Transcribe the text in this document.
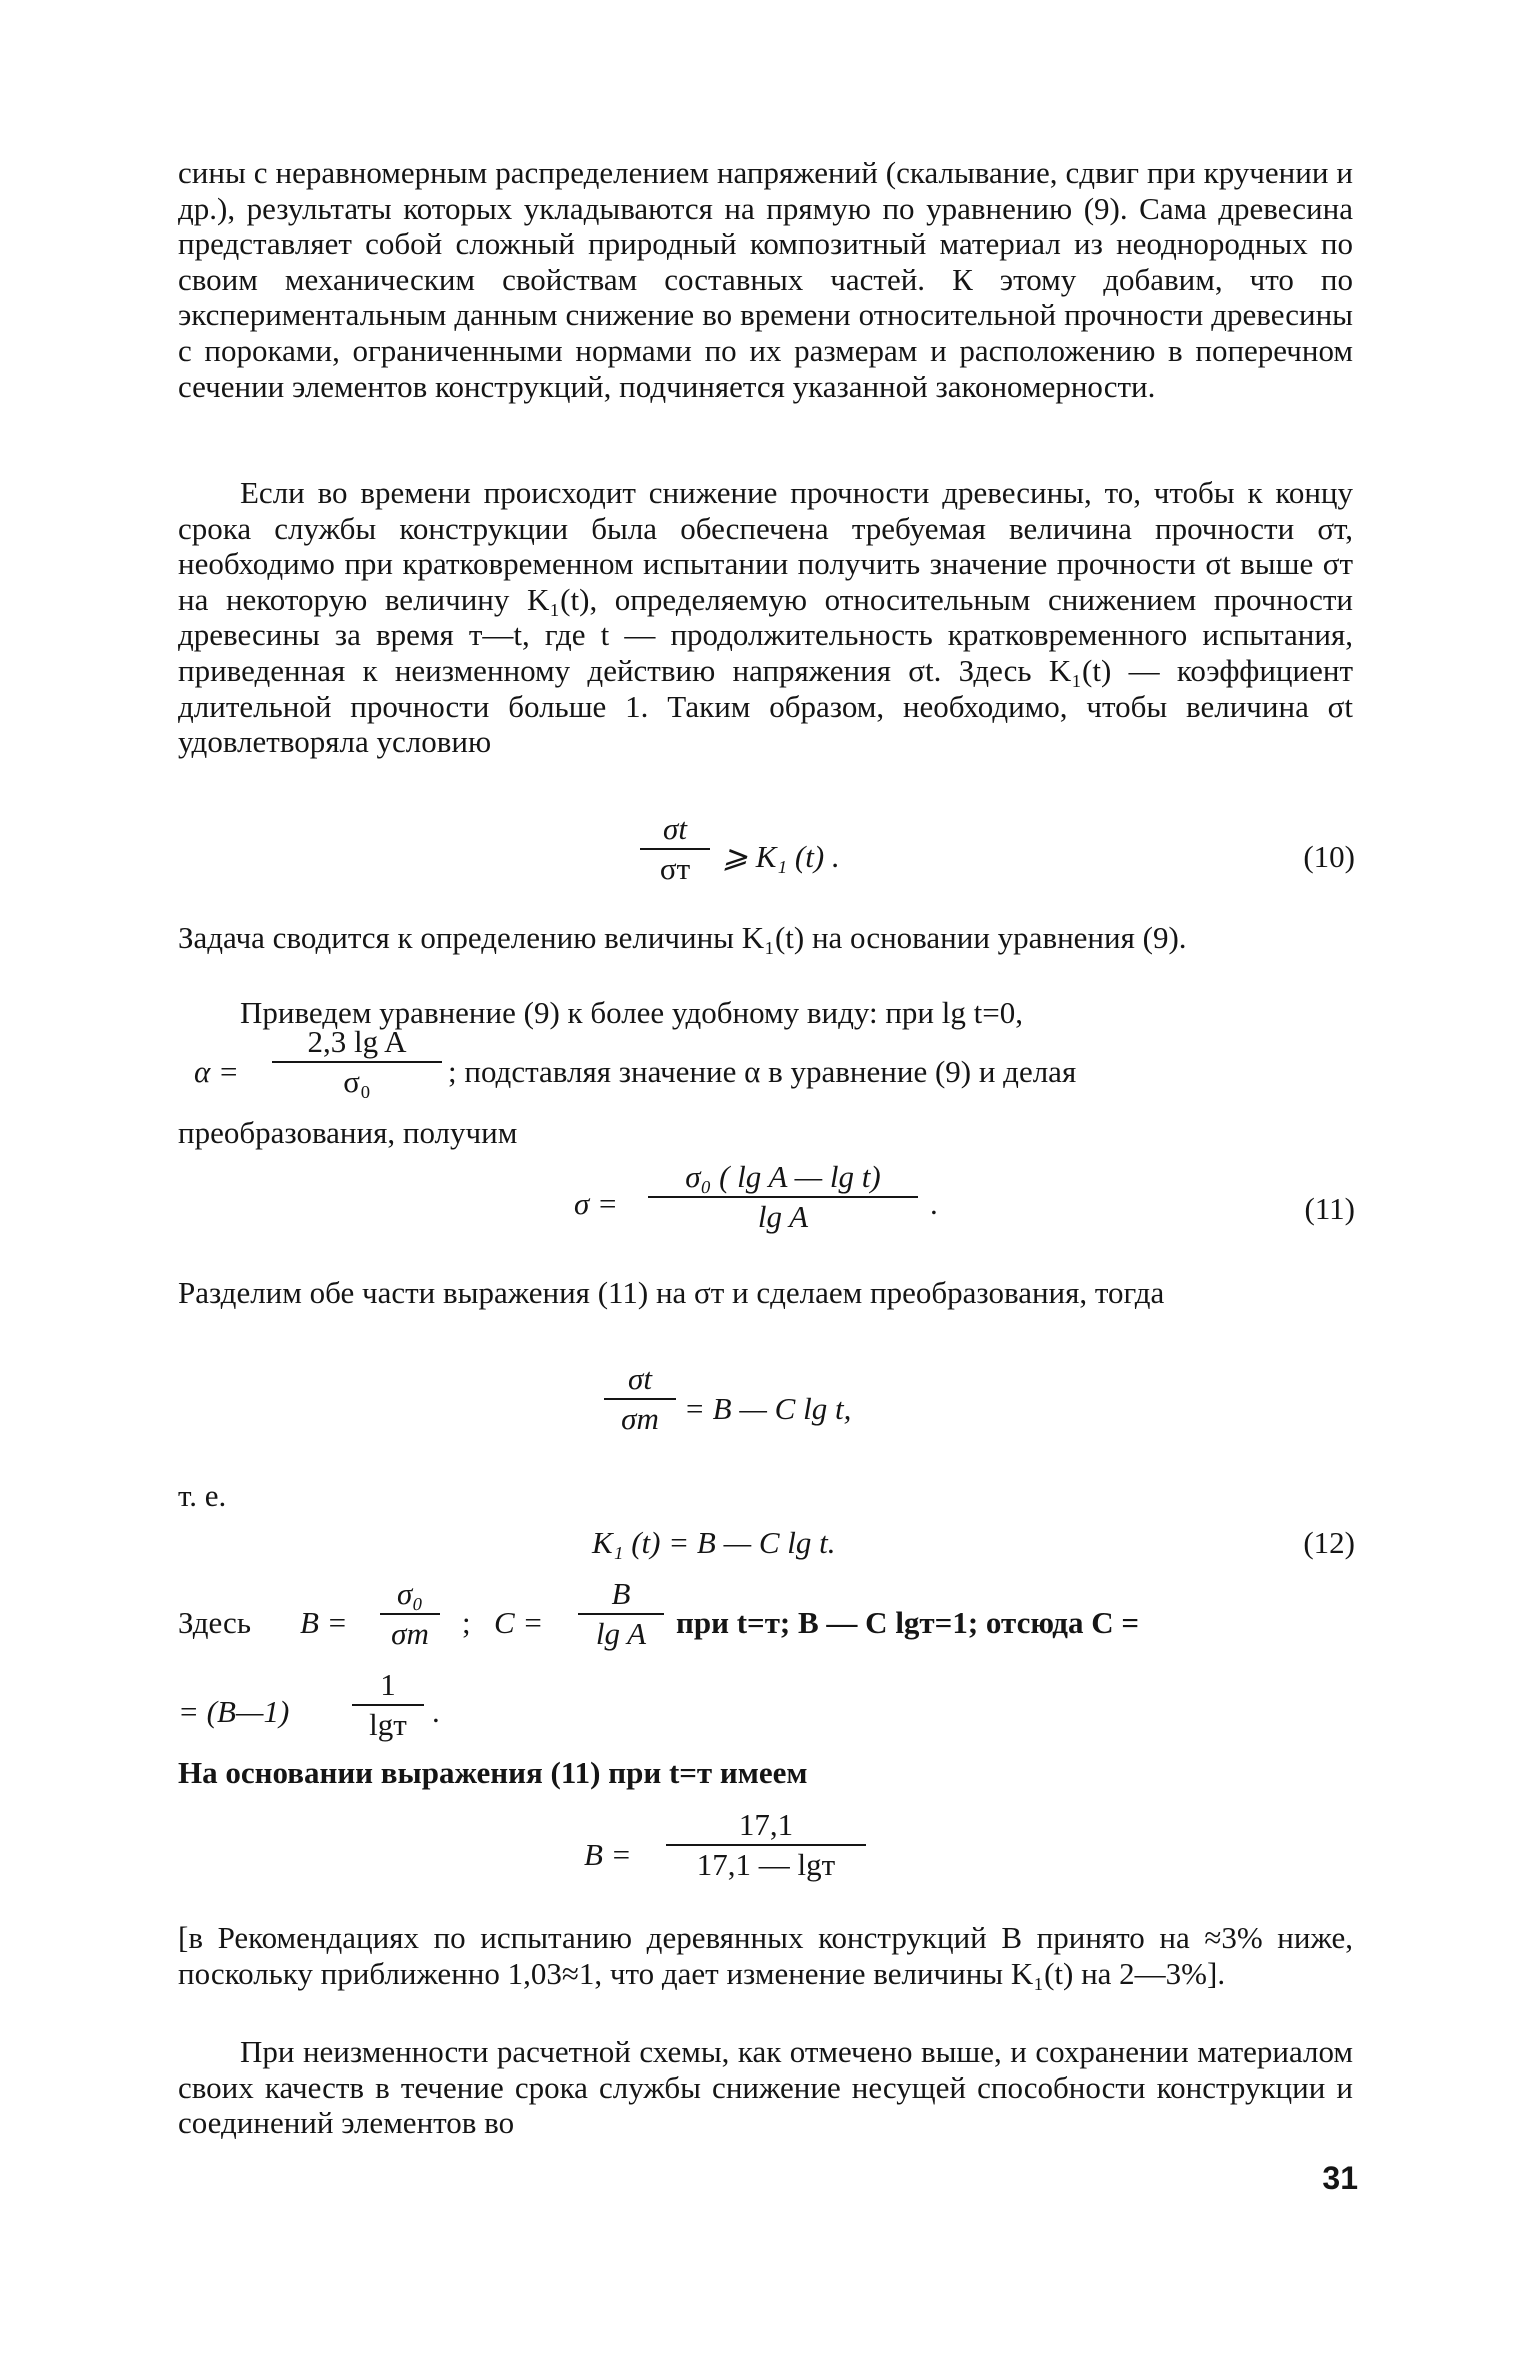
сины с неравномерным распределением напряжений (скалывание, сдвиг при кручении и др.), результаты которых укладываются на прямую по уравнению (9). Сама древесина представляет собой сложный природный композитный материал из неоднородных по своим механическим свойствам составных частей. К этому добавим, что по экспериментальным данным снижение во времени относительной прочности древесины с пороками, ограниченными нормами по их размерам и расположению в поперечном сечении элементов конструкций, подчиняется указанной закономерности.

Если во времени происходит снижение прочности древесины, то, чтобы к концу срока службы конструкции была обеспечена требуемая величина прочности σт, необходимо при кратковременном испытании получить значение прочности σt выше σт на некоторую величину K₁(t), определяемую относительным снижением прочности древесины за время т—t, где t — продолжительность кратковременного испытания, приведенная к неизменному действию напряжения σt. Здесь K₁(t) — коэффициент длительной прочности больше 1. Таким образом, необходимо, чтобы величина σt удовлетворяла условию

σt
σт	⩾ K₁ (t) .	(10)

Задача сводится к определению величины K₁(t) на основании уравнения (9).

Приведем уравнение (9) к более удобному виду: при lg t=0,

α =
2,3 lg A
σ₀	; подставляя значение α в уравнение (9) и делая

преобразования, получим

σ =
σ₀ ( lg A — lg t)
lg A	.	(11)

Разделим обе части выражения (11) на σт и сделаем преобразования, тогда

σt
σт = B — C lg t,

т. е.

K₁ (t) = B — C lg t.	(12)
Здесь B =
σ₀
σт	; C =
B
lg A при t=т; B — C lgт=1; отсюда C =
= (B—1)
1
lgт .

На основании выражения (11) при t=т имеем

B =
17,1
17,1 — lgт

[в Рекомендациях по испытанию деревянных конструкций B принято на ≈3% ниже, поскольку приближенно 1,03≈1, что дает изменение величины K₁(t) на 2—3%].

При неизменности расчетной схемы, как отмечено выше, и сохранении материалом своих качеств в течение срока службы снижение несущей способности конструкции и соединений элементов во

31
